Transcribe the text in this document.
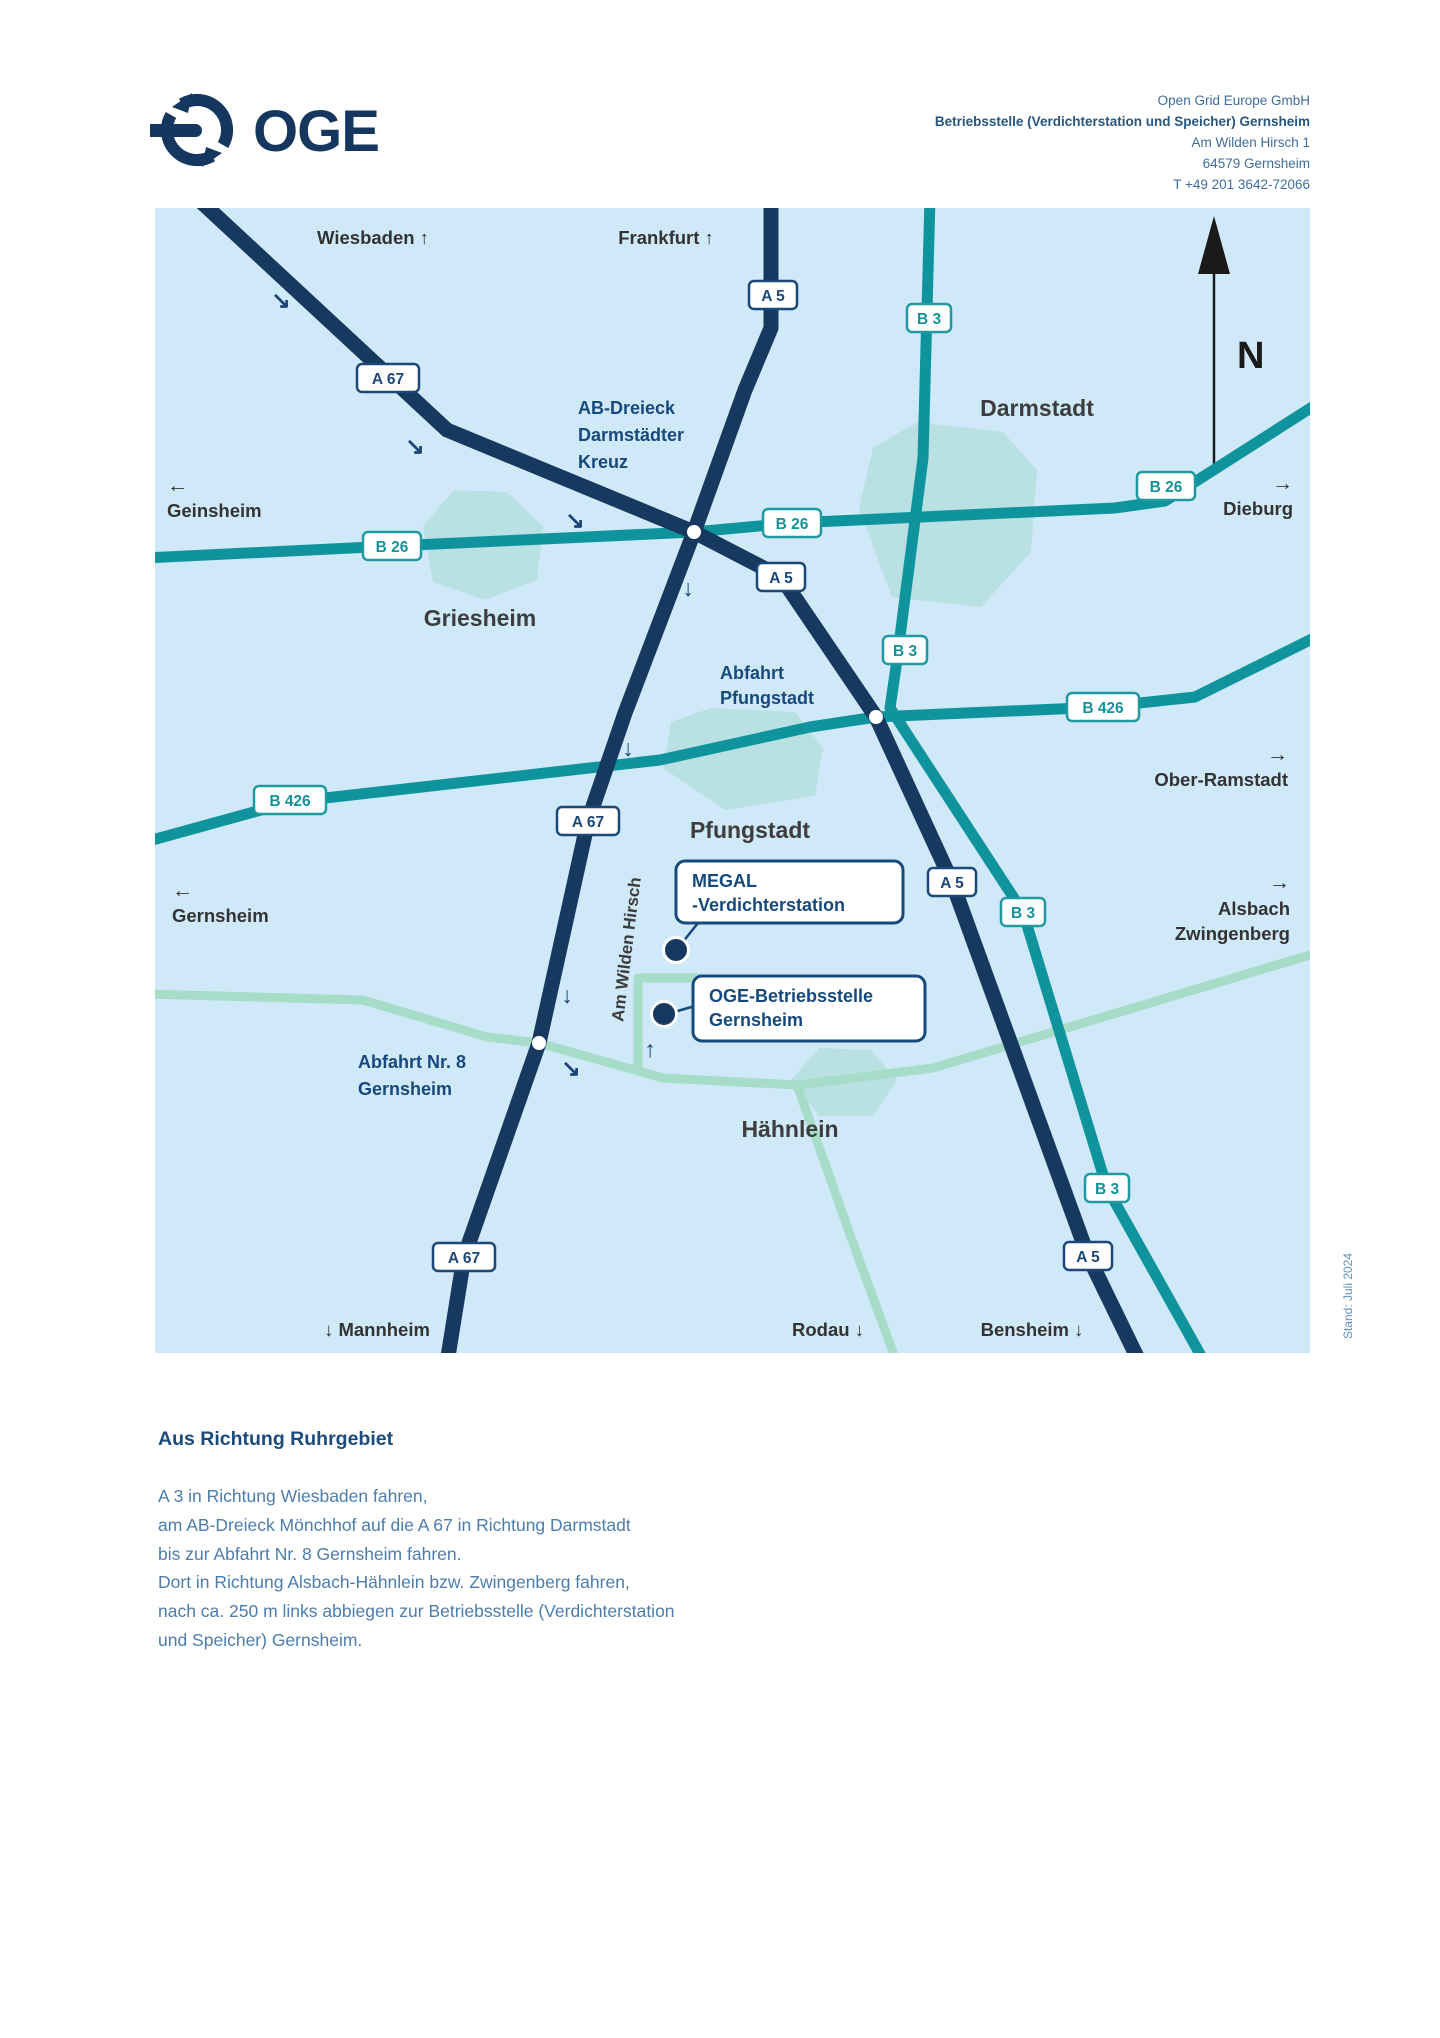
OGE	Open Grid Europe GmbH
Betriebsstelle (Verdichterstation und Speicher) Gernsheim
Am Wilden Hirsch 1
64579 Gernsheim
T +49 201 3642-72066
N
↘
↘
↘
↓
↓
↓
↘
↑
A 67
A 67
A 67
A 5
A 5
A 5
A 5
B 26
B 26
B 26
B 3
B 3
B 3
B 3
B 426
B 426
Griesheim
Darmstadt
Pfungstadt
Hähnlein
Wiesbaden ↑	Frankfurt ↑
←
Geinsheim
→
Dieburg
→
Ober-Ramstadt
←
Gernsheim
→
Alsbach
Zwingenberg
↓ Mannheim	Rodau ↓	Bensheim ↓
AB-Dreieck
Darmstädter
Kreuz
Abfahrt
Pfungstadt
Abfahrt Nr. 8
Gernsheim
Am Wilden Hirsch	MEGAL
-Verdichterstation
OGE-Betriebsstelle
Gernsheim
Aus Richtung Ruhrgebiet
A 3 in Richtung Wiesbaden fahren,
am AB-Dreieck Mönchhof auf die A 67 in Richtung Darmstadt
bis zur Abfahrt Nr. 8 Gernsheim fahren.
Dort in Richtung Alsbach-Hähnlein bzw. Zwingenberg fahren,
nach ca. 250 m links abbiegen zur Betriebsstelle (Verdichterstation
und Speicher) Gernsheim.
Stand: Juli 2024
